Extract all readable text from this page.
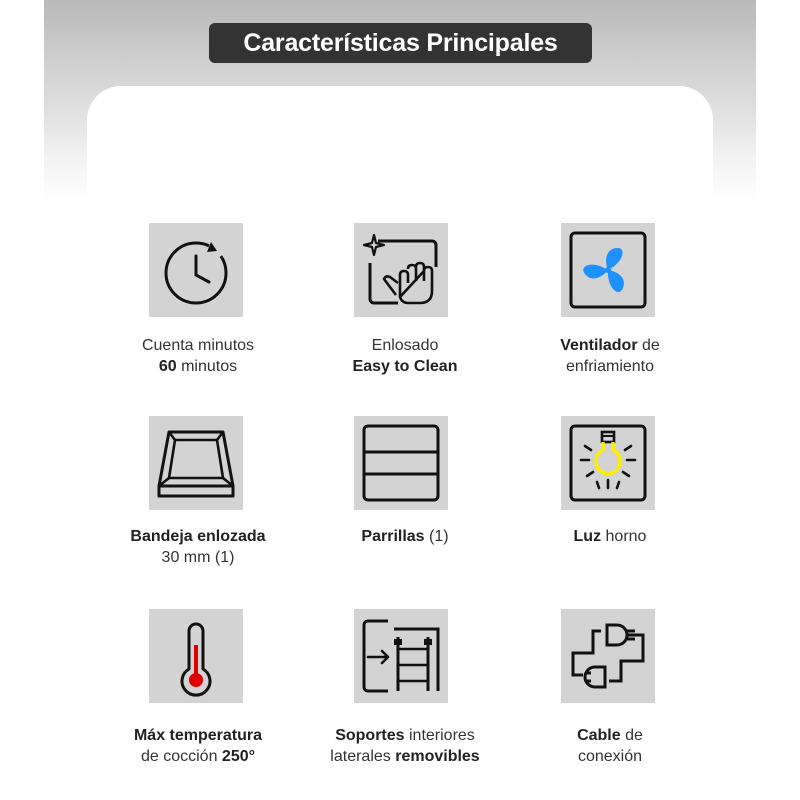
Características Principales
Cuenta minutos
60 minutos
Enlosado
Easy to Clean
Ventilador de
enfriamiento
Bandeja enlozada
30 mm (1)
Parrillas (1)	Luz horno
Máx temperatura
de cocción 250°
Soportes interiores
laterales removibles
Cable de
conexión
